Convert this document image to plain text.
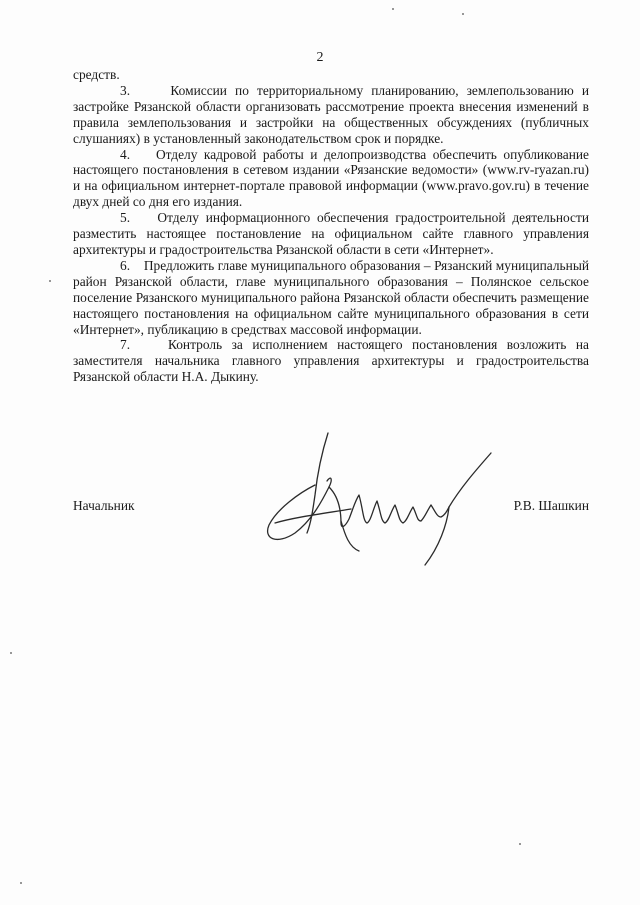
2

средств.

3.     Комиссии по территориальному планированию, землепользованию и застройке Рязанской области организовать рассмотрение проекта внесения изменений в правила землепользования и застройки на общественных обсуждениях (публичных слушаниях) в установленный законодательством срок и порядке.

4.    Отделу кадровой работы и делопроизводства обеспечить опубликование настоящего постановления в сетевом издании «Рязанские ведомости» (www.rv-ryazan.ru) и на официальном интернет-портале правовой информации (www.pravo.gov.ru) в течение двух дней со дня его издания.

5.    Отделу информационного обеспечения градостроительной деятельности разместить настоящее постановление на официальном сайте главного управления архитектуры и градостроительства Рязанской области в сети «Интернет».

6.    Предложить главе муниципального образования – Рязанский муниципальный район Рязанской области, главе муниципального образования – Полянское сельское поселение Рязанского муниципального района Рязанской области обеспечить размещение настоящего постановления на официальном сайте муниципального образования в сети «Интернет», публикацию в средствах массовой информации.

7.    Контроль за исполнением настоящего постановления возложить на заместителя начальника главного управления архитектуры и градостроительства Рязанской области Н.А. Дыкину.

Начальник	Р.В. Шашкин
